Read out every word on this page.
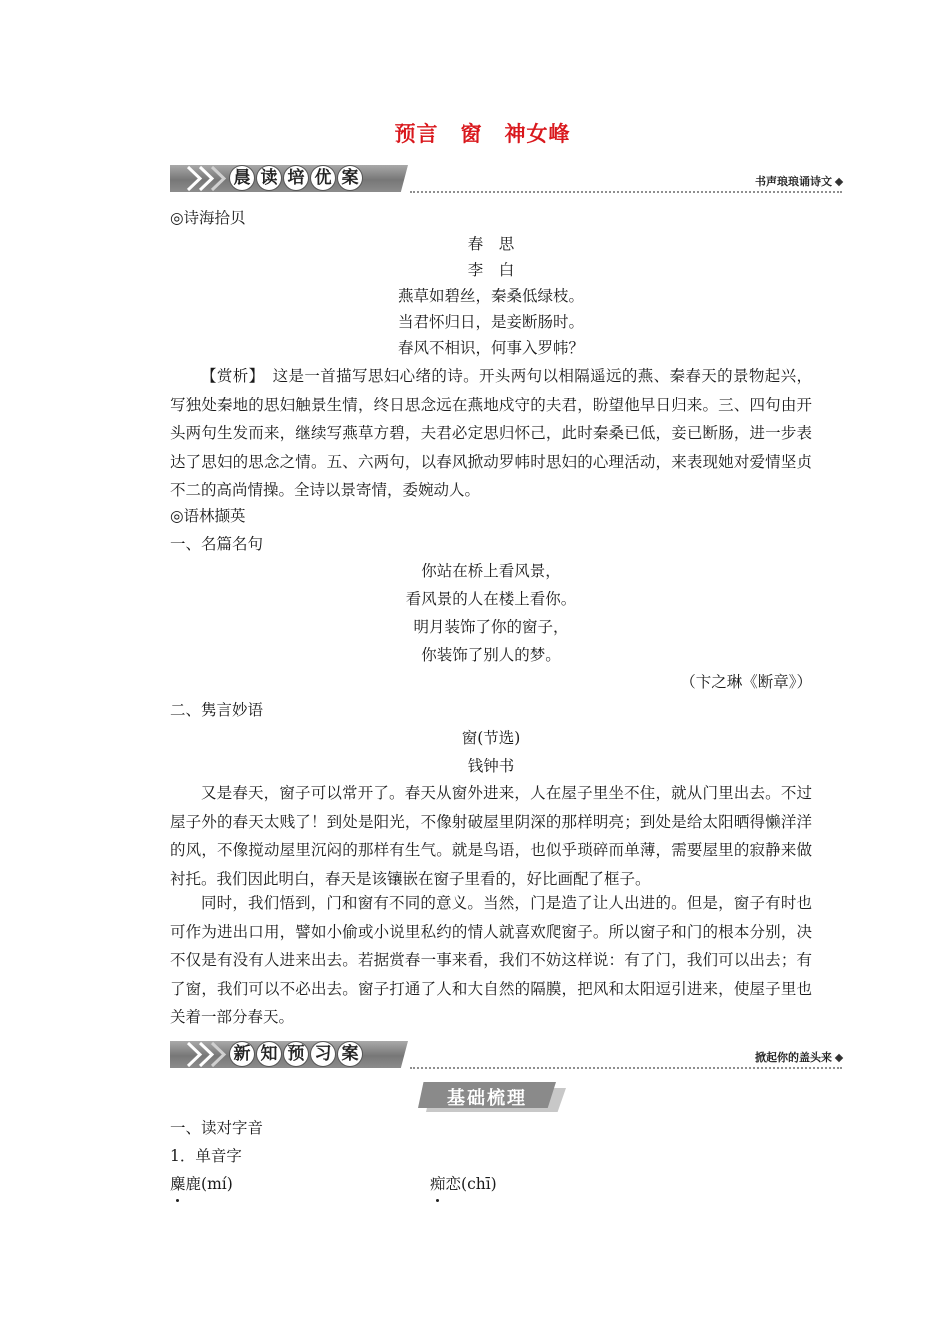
预言　窗　神女峰
晨 读 培 优 案	书声琅琅诵诗文
◎诗海拾贝
春　思
李　白
燕草如碧丝，秦桑低绿枝。
当君怀归日，是妾断肠时。
春风不相识，何事入罗帏？
【赏析】　这是一首描写思妇心绪的诗。开头两句以相隔遥远的燕、秦春天的景物起兴，写独处秦地的思妇触景生情，终日思念远在燕地戍守的夫君，盼望他早日归来。三、四句由开头两句生发而来，继续写燕草方碧，夫君必定思归怀己，此时秦桑已低，妾已断肠，进一步表达了思妇的思念之情。五、六两句，以春风掀动罗帏时思妇的心理活动，来表现她对爱情坚贞不二的高尚情操。全诗以景寄情，委婉动人。
◎语林撷英
一、名篇名句
你站在桥上看风景，
看风景的人在楼上看你。
明月装饰了你的窗子，
你装饰了别人的梦。
（卞之琳《断章》）
二、隽言妙语
窗(节选)
钱钟书
又是春天，窗子可以常开了。春天从窗外进来，人在屋子里坐不住，就从门里出去。不过屋子外的春天太贱了！到处是阳光，不像射破屋里阴深的那样明亮；到处是给太阳晒得懒洋洋的风，不像搅动屋里沉闷的那样有生气。就是鸟语，也似乎琐碎而单薄，需要屋里的寂静来做衬托。我们因此明白，春天是该镶嵌在窗子里看的，好比画配了框子。
同时，我们悟到，门和窗有不同的意义。当然，门是造了让人出进的。但是，窗子有时也可作为进出口用，譬如小偷或小说里私约的情人就喜欢爬窗子。所以窗子和门的根本分别，决不仅是有没有人进来出去。若据赏春一事来看，我们不妨这样说：有了门，我们可以出去；有了窗，我们可以不必出去。窗子打通了人和大自然的隔膜，把风和太阳逗引进来，使屋子里也关着一部分春天。
新 知 预 习 案	掀起你的盖头来
基础梳理
一、读对字音
1．单音字
麋鹿(mí)	痴恋(chī)
